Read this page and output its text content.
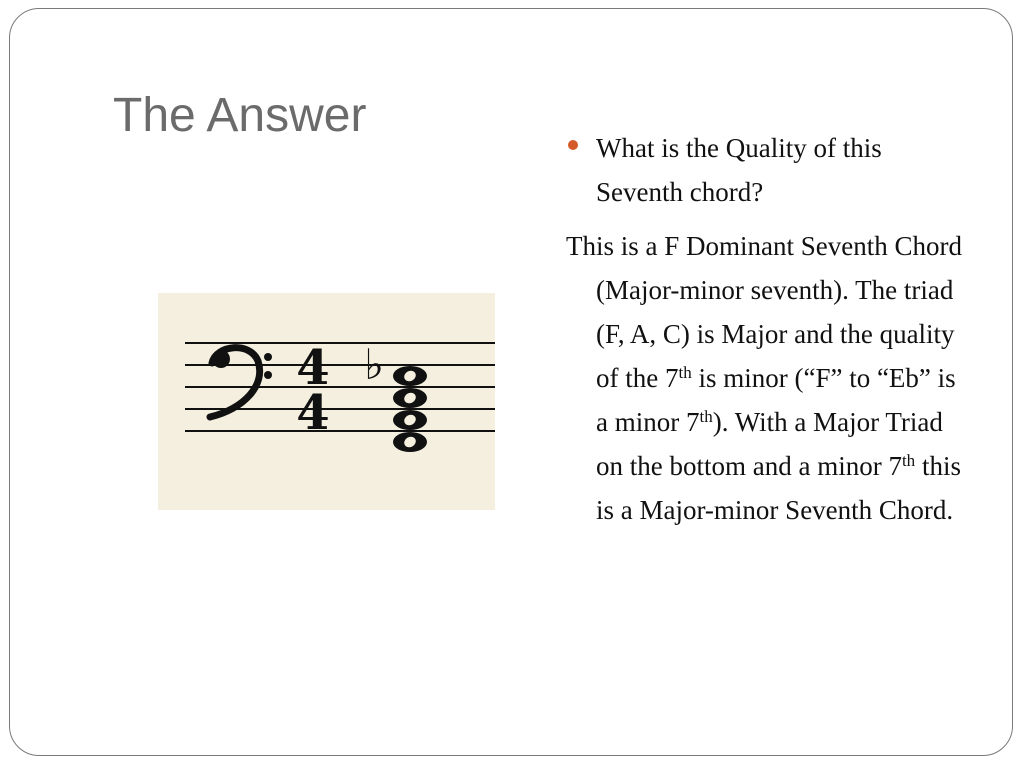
The Answer
4
4
♭
What is the Quality of this Seventh chord?
This is a F Dominant Seventh Chord (Major-minor seventh). The triad (F, A, C) is Major and the quality of the 7th is minor (“F” to “Eb” is a minor 7th). With a Major Triad on the bottom and a minor 7th this is a Major-minor Seventh Chord.
